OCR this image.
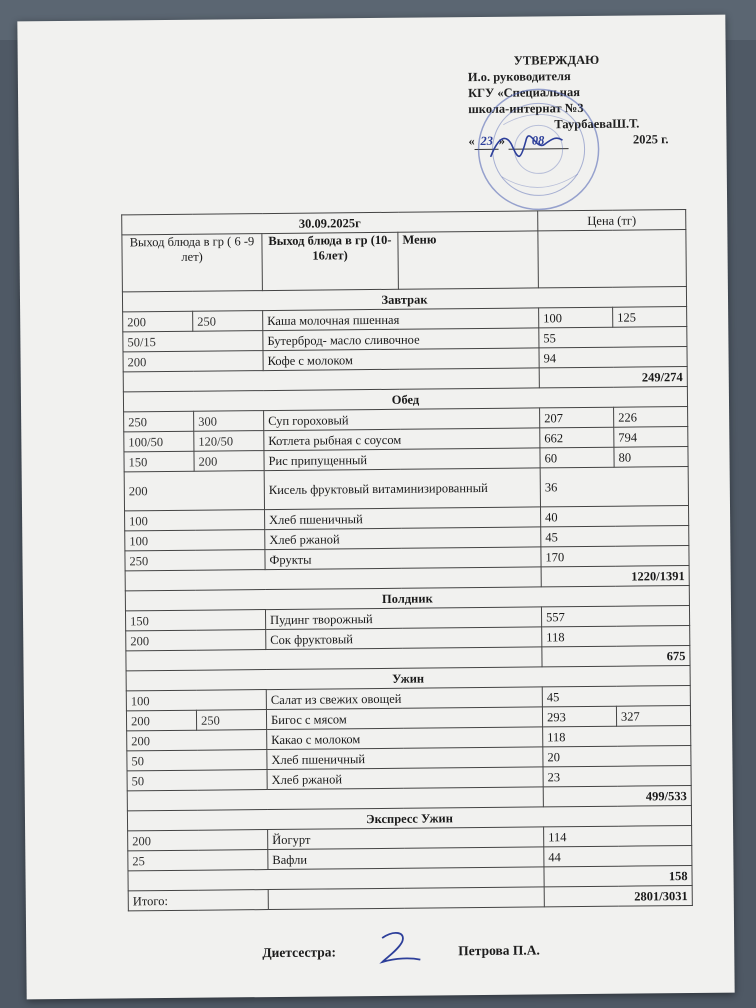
УТВЕРЖДАЮ
И.о. руководителя
КГУ «Специальная
школа-интернат №3
ТаурбаеваШ.Т.
« 23 » 08	2025 г.
30.09.2025г				Цена (тг)	
Выход блюда в гр ( 6 -9 лет)		Выход блюда в гр (10-16лет)	Меню		
Завтрак					
200	250	Каша молочная пшенная		100	125
50/15		Бутерброд- масло сливочное		55	
200		Кофе с молоком		94	
				249/274	
Обед					
250	300	Суп гороховый		207	226
100/50	120/50	Котлета рыбная с соусом		662	794
150	200	Рис припущенный		60	80
200		Кисель фруктовый витаминизированный		36	
100		Хлеб пшеничный		40	
100		Хлеб ржаной		45	
250		Фрукты		170	
				1220/1391	
Полдник					
150		Пудинг творожный		557	
200		Сок фруктовый		118	
				675	
Ужин					
100		Салат из свежих овощей		45	
200	250	Бигос с мясом		293	327
200		Какао с молоком		118	
50		Хлеб пшеничный		20	
50		Хлеб ржаной		23	
				499/533	
Экспресс Ужин					
200		Йогурт		114	
25		Вафли		44	
				158	
Итого:				2801/3031	
Диетсестра:	Петрова П.А.
